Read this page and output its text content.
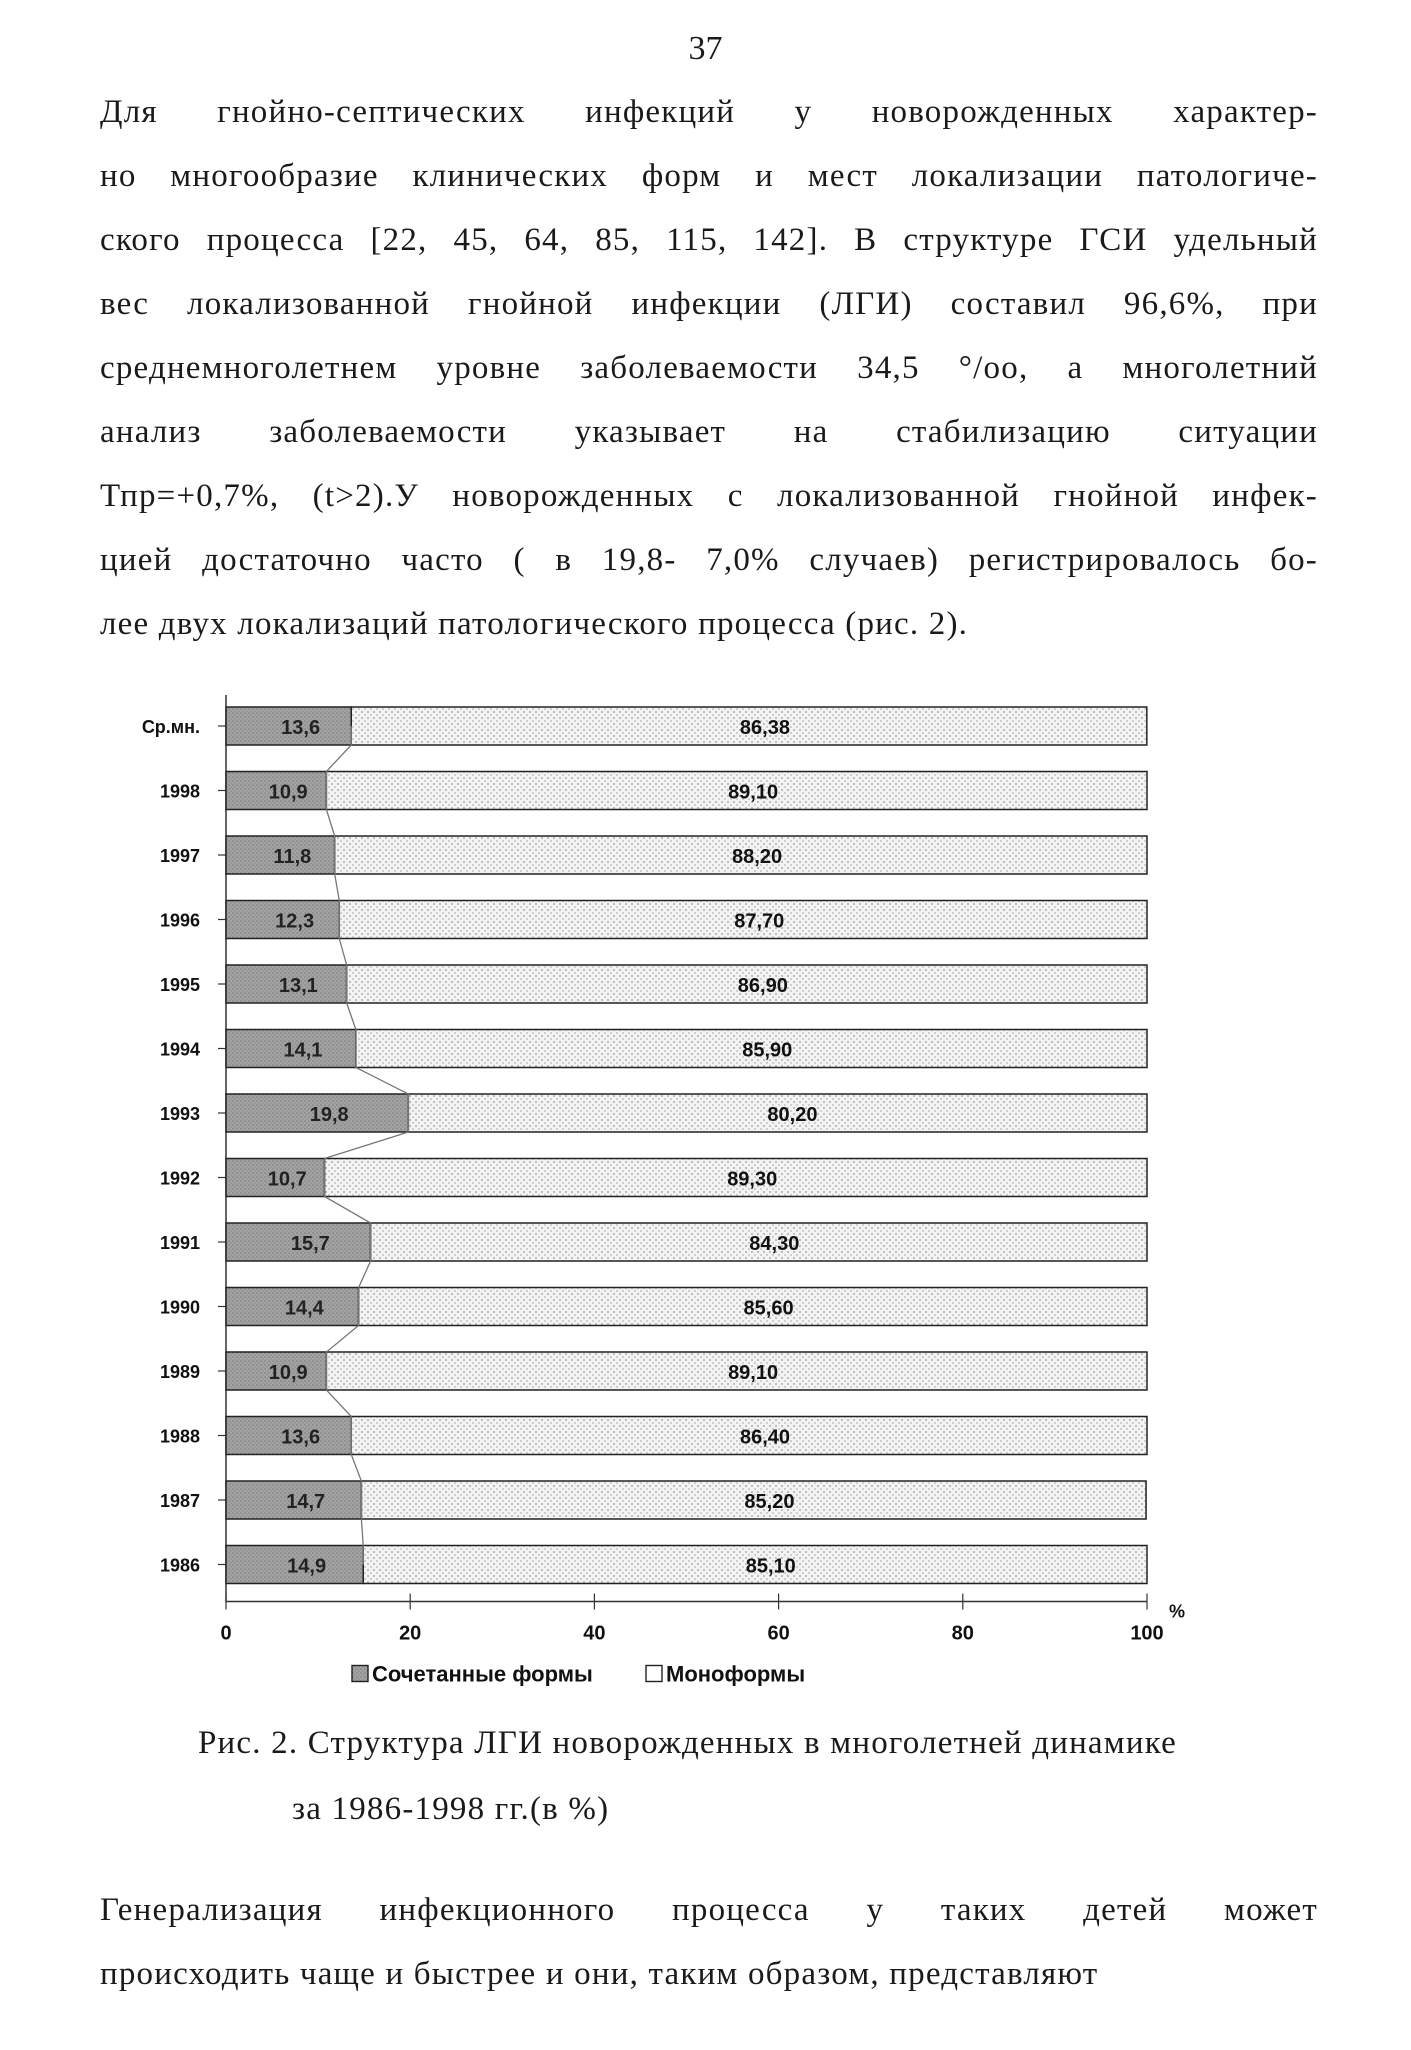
37
Для гнойно-септических инфекций у новорожденных характер-
но многообразие клинических форм и мест локализации патологиче-
ского процесса [22, 45, 64, 85, 115, 142]. В структуре ГСИ удельный
вес локализованной гнойной инфекции (ЛГИ) составил 96,6%, при
среднемноголетнем уровне заболеваемости 34,5 °/оо, а многолетний
анализ заболеваемости указывает на стабилизацию ситуации
Тпр=+0,7%, (t>2).У новорожденных с локализованной гнойной инфек-
цией достаточно часто ( в 19,8- 7,0% случаев) регистрировалось бо-
лее двух локализаций патологического процесса (рис. 2).
Ср.мн.	13,6	86,38
1998	10,9	89,10
1997	11,8	88,20
1996	12,3	87,70
1995	13,1	86,90
1994	14,1	85,90
1993	19,8	80,20
1992	10,7	89,30
1991	15,7	84,30
1990	14,4	85,60
1989	10,9	89,10
1988	13,6	86,40
1987	14,7	85,20
1986	14,9	85,10
0	20	40	60	80	100
%
Сочетанные формы	Моноформы
Рис. 2. Структура ЛГИ новорожденных в многолетней динамике
за 1986-1998 гг.(в %)
Генерализация инфекционного процесса у таких детей может
происходить чаще и быстрее и они, таким образом, представляют
